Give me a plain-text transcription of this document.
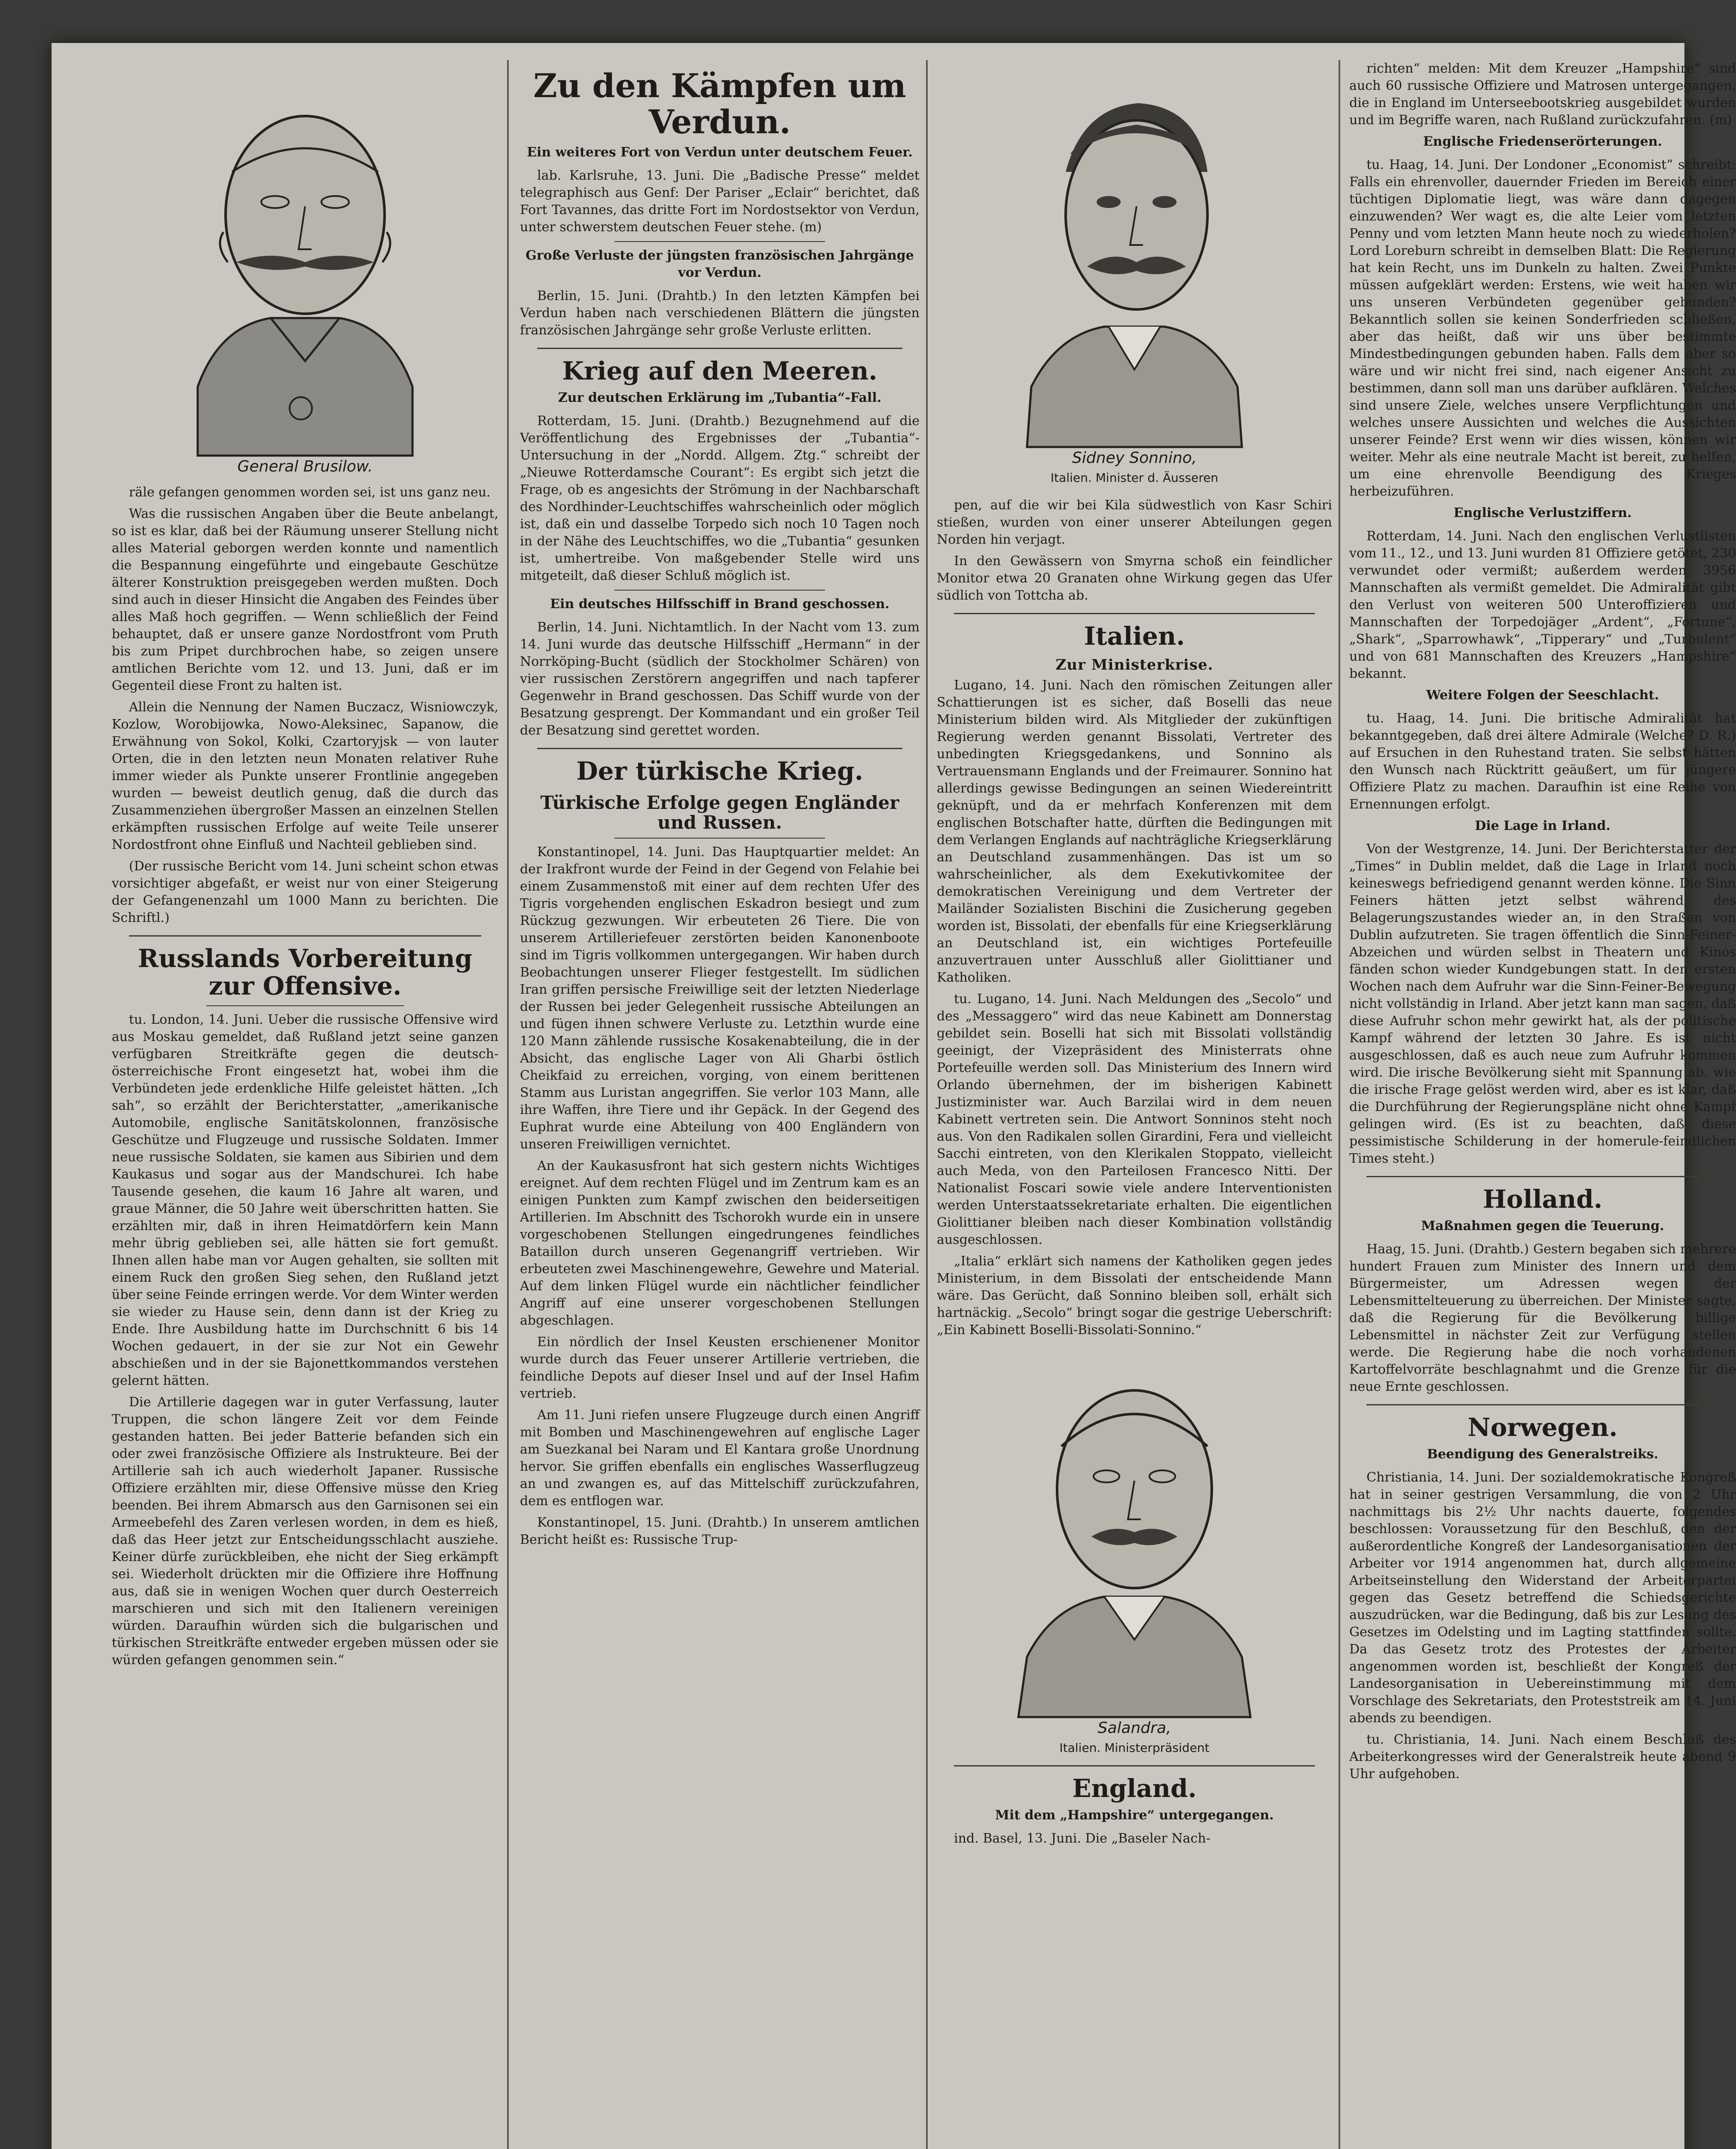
General Brusilow.

räle gefangen genommen worden sei, ist uns ganz neu.

Was die russischen Angaben über die Beute anbelangt, so ist es klar, daß bei der Räumung unserer Stellung nicht alles Material geborgen werden konnte und namentlich die Bespannung eingeführte und eingebaute Geschütze älterer Konstruktion preisgegeben werden mußten. Doch sind auch in dieser Hinsicht die Angaben des Feindes über alles Maß hoch gegriffen. — Wenn schließlich der Feind behauptet, daß er unsere ganze Nordostfront vom Pruth bis zum Pripet durchbrochen habe, so zeigen unsere amtlichen Berichte vom 12. und 13. Juni, daß er im Gegenteil diese Front zu halten ist.

Allein die Nennung der Namen Buczacz, Wisniowczyk, Kozlow, Worobijowka, Nowo-Aleksinec, Sapanow, die Erwähnung von Sokol, Kolki, Czartoryjsk — von lauter Orten, die in den letzten neun Monaten relativer Ruhe immer wieder als Punkte unserer Frontlinie angegeben wurden — beweist deutlich genug, daß die durch das Zusammenziehen übergroßer Massen an einzelnen Stellen erkämpften russischen Erfolge auf weite Teile unserer Nordostfront ohne Einfluß und Nachteil geblieben sind.

(Der russische Bericht vom 14. Juni scheint schon etwas vorsichtiger abgefaßt, er weist nur von einer Steigerung der Gefangenenzahl um 1000 Mann zu berichten. Die Schriftl.)

Russlands Vorbereitung zur Offensive.

tu. London, 14. Juni. Ueber die russische Offensive wird aus Moskau gemeldet, daß Rußland jetzt seine ganzen verfügbaren Streitkräfte gegen die deutsch-österreichische Front eingesetzt hat, wobei ihm die Verbündeten jede erdenkliche Hilfe geleistet hätten. „Ich sah“, so erzählt der Berichterstatter, „amerikanische Automobile, englische Sanitätskolonnen, französische Geschütze und Flugzeuge und russische Soldaten. Immer neue russische Soldaten, sie kamen aus Sibirien und dem Kaukasus und sogar aus der Mandschurei. Ich habe Tausende gesehen, die kaum 16 Jahre alt waren, und graue Männer, die 50 Jahre weit überschritten hatten. Sie erzählten mir, daß in ihren Heimatdörfern kein Mann mehr übrig geblieben sei, alle hätten sie fort gemußt. Ihnen allen habe man vor Augen gehalten, sie sollten mit einem Ruck den großen Sieg sehen, den Rußland jetzt über seine Feinde erringen werde. Vor dem Winter werden sie wieder zu Hause sein, denn dann ist der Krieg zu Ende. Ihre Ausbildung hatte im Durchschnitt 6 bis 14 Wochen gedauert, in der sie zur Not ein Gewehr abschießen und in der sie Bajonettkommandos verstehen gelernt hätten.

Die Artillerie dagegen war in guter Verfassung, lauter Truppen, die schon längere Zeit vor dem Feinde gestanden hatten. Bei jeder Batterie befanden sich ein oder zwei französische Offiziere als Instrukteure. Bei der Artillerie sah ich auch wiederholt Japaner. Russische Offiziere erzählten mir, diese Offensive müsse den Krieg beenden. Bei ihrem Abmarsch aus den Garnisonen sei ein Armeebefehl des Zaren verlesen worden, in dem es hieß, daß das Heer jetzt zur Entscheidungsschlacht ausziehe. Keiner dürfe zurückbleiben, ehe nicht der Sieg erkämpft sei. Wiederholt drückten mir die Offiziere ihre Hoffnung aus, daß sie in wenigen Wochen quer durch Oesterreich marschieren und sich mit den Italienern vereinigen würden. Daraufhin würden sich die bulgarischen und türkischen Streitkräfte entweder ergeben müssen oder sie würden gefangen genommen sein.“

Zu den Kämpfen um Verdun.
Ein weiteres Fort von Verdun unter deutschem Feuer.

lab. Karlsruhe, 13. Juni. Die „Badische Presse“ meldet telegraphisch aus Genf: Der Pariser „Eclair“ berichtet, daß Fort Tavannes, das dritte Fort im Nordostsektor von Verdun, unter schwerstem deutschen Feuer stehe. (m)

Große Verluste der jüngsten französischen Jahrgänge vor Verdun.

Berlin, 15. Juni. (Drahtb.) In den letzten Kämpfen bei Verdun haben nach verschiedenen Blättern die jüngsten französischen Jahrgänge sehr große Verluste erlitten.

Krieg auf den Meeren.
Zur deutschen Erklärung im „Tubantia“-Fall.

Rotterdam, 15. Juni. (Drahtb.) Bezugnehmend auf die Veröffentlichung des Ergebnisses der „Tubantia“-Untersuchung in der „Nordd. Allgem. Ztg.“ schreibt der „Nieuwe Rotterdamsche Courant“: Es ergibt sich jetzt die Frage, ob es angesichts der Strömung in der Nachbarschaft des Nordhinder-Leuchtschiffes wahrscheinlich oder möglich ist, daß ein und dasselbe Torpedo sich noch 10 Tagen noch in der Nähe des Leuchtschiffes, wo die „Tubantia“ gesunken ist, umhertreibe. Von maßgebender Stelle wird uns mitgeteilt, daß dieser Schluß möglich ist.

Ein deutsches Hilfsschiff in Brand geschossen.

Berlin, 14. Juni. Nichtamtlich. In der Nacht vom 13. zum 14. Juni wurde das deutsche Hilfsschiff „Hermann“ in der Norrköping-Bucht (südlich der Stockholmer Schären) von vier russischen Zerstörern angegriffen und nach tapferer Gegenwehr in Brand geschossen. Das Schiff wurde von der Besatzung gesprengt. Der Kommandant und ein großer Teil der Besatzung sind gerettet worden.

Der türkische Krieg.
Türkische Erfolge gegen Engländer und Russen.

Konstantinopel, 14. Juni. Das Hauptquartier meldet: An der Irakfront wurde der Feind in der Gegend von Felahie bei einem Zusammenstoß mit einer auf dem rechten Ufer des Tigris vorgehenden englischen Eskadron besiegt und zum Rückzug gezwungen. Wir erbeuteten 26 Tiere. Die von unserem Artilleriefeuer zerstörten beiden Kanonenboote sind im Tigris vollkommen untergegangen. Wir haben durch Beobachtungen unserer Flieger festgestellt. Im südlichen Iran griffen persische Freiwillige seit der letzten Niederlage der Russen bei jeder Gelegenheit russische Abteilungen an und fügen ihnen schwere Verluste zu. Letzthin wurde eine 120 Mann zählende russische Kosakenabteilung, die in der Absicht, das englische Lager von Ali Gharbi östlich Cheikfaid zu erreichen, vorging, von einem berittenen Stamm aus Luristan angegriffen. Sie verlor 103 Mann, alle ihre Waffen, ihre Tiere und ihr Gepäck. In der Gegend des Euphrat wurde eine Abteilung von 400 Engländern von unseren Freiwilligen vernichtet.

An der Kaukasusfront hat sich gestern nichts Wichtiges ereignet. Auf dem rechten Flügel und im Zentrum kam es an einigen Punkten zum Kampf zwischen den beiderseitigen Artillerien. Im Abschnitt des Tschorokh wurde ein in unsere vorgeschobenen Stellungen eingedrungenes feindliches Bataillon durch unseren Gegenangriff vertrieben. Wir erbeuteten zwei Maschinengewehre, Gewehre und Material. Auf dem linken Flügel wurde ein nächtlicher feindlicher Angriff auf eine unserer vorgeschobenen Stellungen abgeschlagen.

Ein nördlich der Insel Keusten erschienener Monitor wurde durch das Feuer unserer Artillerie vertrieben, die feindliche Depots auf dieser Insel und auf der Insel Hafim vertrieb.

Am 11. Juni riefen unsere Flugzeuge durch einen Angriff mit Bomben und Maschinengewehren auf englische Lager am Suezkanal bei Naram und El Kantara große Unordnung hervor. Sie griffen ebenfalls ein englisches Wasserflugzeug an und zwangen es, auf das Mittelschiff zurückzufahren, dem es entflogen war.

Konstantinopel, 15. Juni. (Drahtb.) In unserem amtlichen Bericht heißt es: Russische Trup-

Sidney Sonnino,
Italien. Minister d. Äusseren

pen, auf die wir bei Kila südwestlich von Kasr Schiri stießen, wurden von einer unserer Abteilungen gegen Norden hin verjagt.

In den Gewässern von Smyrna schoß ein feindlicher Monitor etwa 20 Granaten ohne Wirkung gegen das Ufer südlich von Tottcha ab.

Italien.
Zur Ministerkrise.

Lugano, 14. Juni. Nach den römischen Zeitungen aller Schattierungen ist es sicher, daß Boselli das neue Ministerium bilden wird. Als Mitglieder der zukünftigen Regierung werden genannt Bissolati, Vertreter des unbedingten Kriegsgedankens, und Sonnino als Vertrauensmann Englands und der Freimaurer. Sonnino hat allerdings gewisse Bedingungen an seinen Wiedereintritt geknüpft, und da er mehrfach Konferenzen mit dem englischen Botschafter hatte, dürften die Bedingungen mit dem Verlangen Englands auf nachträgliche Kriegserklärung an Deutschland zusammenhängen. Das ist um so wahrscheinlicher, als dem Exekutivkomitee der demokratischen Vereinigung und dem Vertreter der Mailänder Sozialisten Bischini die Zusicherung gegeben worden ist, Bissolati, der ebenfalls für eine Kriegserklärung an Deutschland ist, ein wichtiges Portefeuille anzuvertrauen unter Ausschluß aller Giolittianer und Katholiken.

tu. Lugano, 14. Juni. Nach Meldungen des „Secolo“ und des „Messaggero“ wird das neue Kabinett am Donnerstag gebildet sein. Boselli hat sich mit Bissolati vollständig geeinigt, der Vizepräsident des Ministerrats ohne Portefeuille werden soll. Das Ministerium des Innern wird Orlando übernehmen, der im bisherigen Kabinett Justizminister war. Auch Barzilai wird in dem neuen Kabinett vertreten sein. Die Antwort Sonninos steht noch aus. Von den Radikalen sollen Girardini, Fera und vielleicht Sacchi eintreten, von den Klerikalen Stoppato, vielleicht auch Meda, von den Parteilosen Francesco Nitti. Der Nationalist Foscari sowie viele andere Interventionisten werden Unterstaatssekretariate erhalten. Die eigentlichen Giolittianer bleiben nach dieser Kombination vollständig ausgeschlossen.

„Italia“ erklärt sich namens der Katholiken gegen jedes Ministerium, in dem Bissolati der entscheidende Mann wäre. Das Gerücht, daß Sonnino bleiben soll, erhält sich hartnäckig. „Secolo“ bringt sogar die gestrige Ueberschrift: „Ein Kabinett Boselli-Bissolati-Sonnino.“

Salandra,
Italien. Ministerpräsident
England.
Mit dem „Hampshire“ untergegangen.

ind. Basel, 13. Juni. Die „Baseler Nach-

richten“ melden: Mit dem Kreuzer „Hampshire“ sind auch 60 russische Offiziere und Matrosen untergegangen, die in England im Unterseebootskrieg ausgebildet wurden und im Begriffe waren, nach Rußland zurückzufahren. (m)

Englische Friedenserörterungen.

tu. Haag, 14. Juni. Der Londoner „Economist“ schreibt: Falls ein ehrenvoller, dauernder Frieden im Bereich einer tüchtigen Diplomatie liegt, was wäre dann dagegen einzuwenden? Wer wagt es, die alte Leier vom letzten Penny und vom letzten Mann heute noch zu wiederholen? Lord Loreburn schreibt in demselben Blatt: Die Regierung hat kein Recht, uns im Dunkeln zu halten. Zwei Punkte müssen aufgeklärt werden: Erstens, wie weit haben wir uns unseren Verbündeten gegenüber gebunden? Bekanntlich sollen sie keinen Sonderfrieden schließen, aber das heißt, daß wir uns über bestimmte Mindestbedingungen gebunden haben. Falls dem aber so wäre und wir nicht frei sind, nach eigener Ansicht zu bestimmen, dann soll man uns darüber aufklären. Welches sind unsere Ziele, welches unsere Verpflichtungen und welches unsere Aussichten und welches die Aussichten unserer Feinde? Erst wenn wir dies wissen, können wir weiter. Mehr als eine neutrale Macht ist bereit, zu helfen, um eine ehrenvolle Beendigung des Krieges herbeizuführen.

Englische Verlustziffern.

Rotterdam, 14. Juni. Nach den englischen Verlustlisten vom 11., 12., und 13. Juni wurden 81 Offiziere getötet, 230 verwundet oder vermißt; außerdem werden 3956 Mannschaften als vermißt gemeldet. Die Admiralität gibt den Verlust von weiteren 500 Unteroffizieren und Mannschaften der Torpedojäger „Ardent“, „Fortune“, „Shark“, „Sparrowhawk“, „Tipperary“ und „Turbulent“ und von 681 Mannschaften des Kreuzers „Hampshire“ bekannt.

Weitere Folgen der Seeschlacht.

tu. Haag, 14. Juni. Die britische Admiralität hat bekanntgegeben, daß drei ältere Admirale (Welche? D. R.) auf Ersuchen in den Ruhestand traten. Sie selbst hätten den Wunsch nach Rücktritt geäußert, um für jüngere Offiziere Platz zu machen. Daraufhin ist eine Reihe von Ernennungen erfolgt.

Die Lage in Irland.

Von der Westgrenze, 14. Juni. Der Berichterstatter der „Times“ in Dublin meldet, daß die Lage in Irland noch keineswegs befriedigend genannt werden könne. Die Sinn Feiners hätten jetzt selbst während des Belagerungszustandes wieder an, in den Straßen von Dublin aufzutreten. Sie tragen öffentlich die Sinn-Feiner-Abzeichen und würden selbst in Theatern und Kinos fänden schon wieder Kundgebungen statt. In den ersten Wochen nach dem Aufruhr war die Sinn-Feiner-Bewegung nicht vollständig in Irland. Aber jetzt kann man sagen, daß diese Aufruhr schon mehr gewirkt hat, als der politische Kampf während der letzten 30 Jahre. Es ist nicht ausgeschlossen, daß es auch neue zum Aufruhr kommen wird. Die irische Bevölkerung sieht mit Spannung ab, wie die irische Frage gelöst werden wird, aber es ist klar, daß die Durchführung der Regierungspläne nicht ohne Kampf gelingen wird. (Es ist zu beachten, daß diese pessimistische Schilderung in der homerule-feindlichen Times steht.)

Holland.
Maßnahmen gegen die Teuerung.

Haag, 15. Juni. (Drahtb.) Gestern begaben sich mehrere hundert Frauen zum Minister des Innern und dem Bürgermeister, um Adressen wegen der Lebensmittelteuerung zu überreichen. Der Minister sagte, daß die Regierung für die Bevölkerung billige Lebensmittel in nächster Zeit zur Verfügung stellen werde. Die Regierung habe die noch vorhandenen Kartoffelvorräte beschlagnahmt und die Grenze für die neue Ernte geschlossen.

Norwegen.
Beendigung des Generalstreiks.

Christiania, 14. Juni. Der sozialdemokratische Kongreß hat in seiner gestrigen Versammlung, die von 2 Uhr nachmittags bis 2½ Uhr nachts dauerte, folgendes beschlossen: Voraussetzung für den Beschluß, den der außerordentliche Kongreß der Landesorganisationen der Arbeiter vor 1914 angenommen hat, durch allgemeine Arbeitseinstellung den Widerstand der Arbeiterpartei gegen das Gesetz betreffend die Schiedsgerichte auszudrücken, war die Bedingung, daß bis zur Lesung des Gesetzes im Odelsting und im Lagting stattfinden sollte. Da das Gesetz trotz des Protestes der Arbeiter angenommen worden ist, beschließt der Kongreß der Landesorganisation in Uebereinstimmung mit dem Vorschlage des Sekretariats, den Proteststreik am 14. Juni abends zu beendigen.

tu. Christiania, 14. Juni. Nach einem Beschluß des Arbeiterkongresses wird der Generalstreik heute abend 9 Uhr aufgehoben.
